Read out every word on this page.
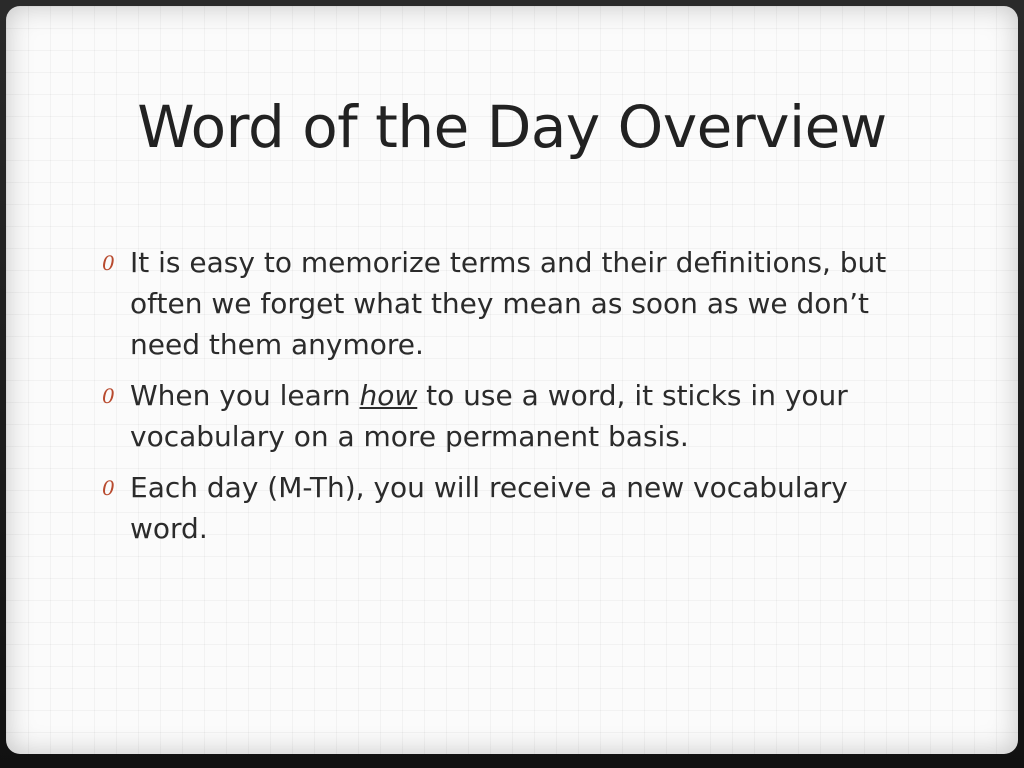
Word of the Day Overview
0 It is easy to memorize terms and their definitions, but often we forget what they mean as soon as we don’t need them anymore.
0 When you learn how to use a word, it sticks in your vocabulary on a more permanent basis.
0 Each day (M-Th), you will receive a new vocabulary word.
